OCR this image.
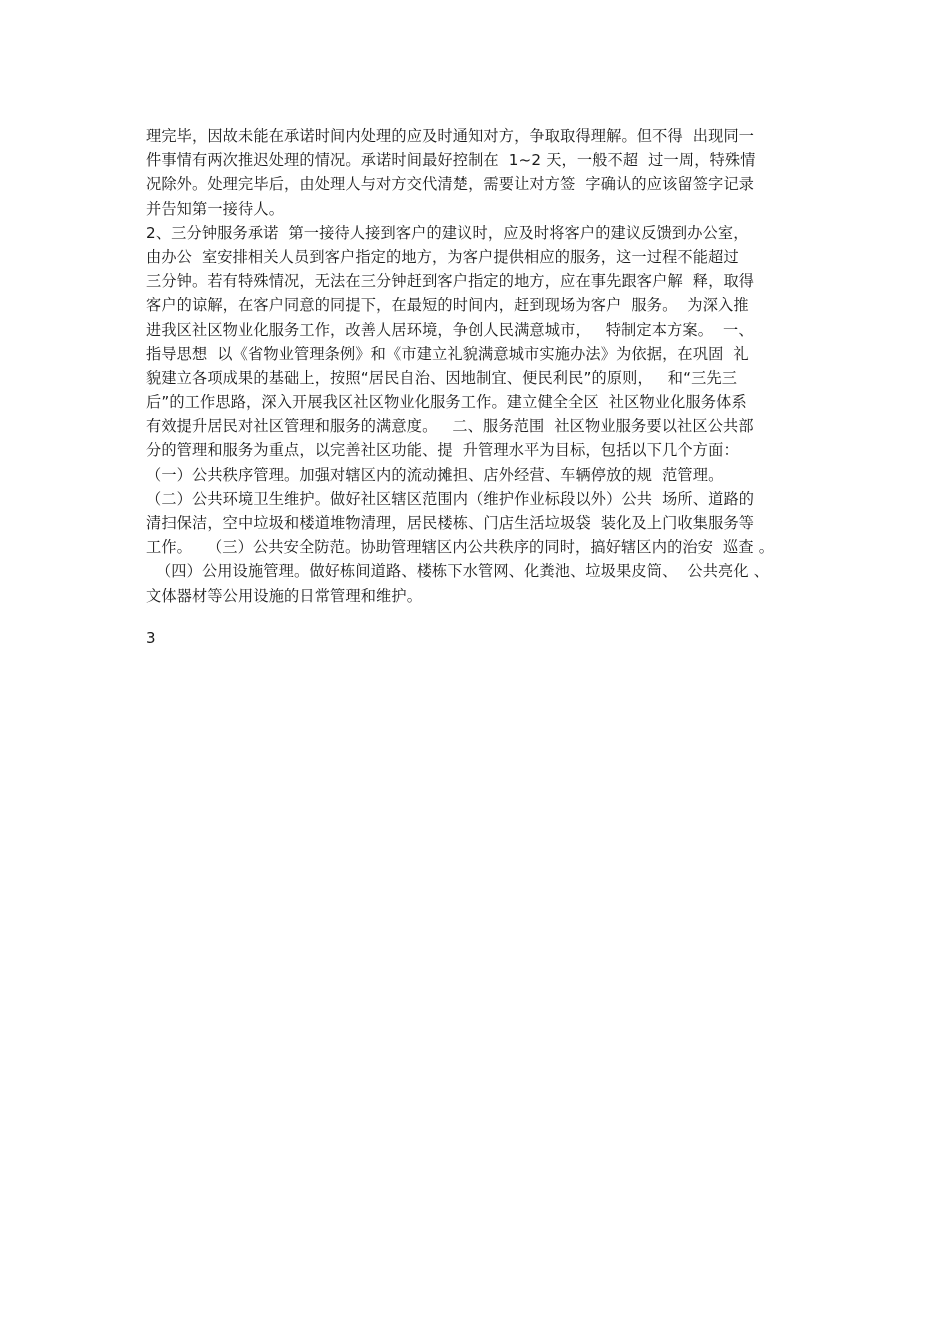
理完毕，因故未能在承诺时间内处理的应及时通知对方，争取取得理解。但不得  出现同一
件事情有两次推迟处理的情况。承诺时间最好控制在  1~2 天，一般不超  过一周，特殊情
况除外。处理完毕后，由处理人与对方交代清楚，需要让对方签  字确认的应该留签字记录
并告知第一接待人。
2、三分钟服务承诺  第一接待人接到客户的建议时，应及时将客户的建议反馈到办公室，
由办公  室安排相关人员到客户指定的地方，为客户提供相应的服务，这一过程不能超过
三分钟。若有特殊情况，无法在三分钟赶到客户指定的地方，应在事先跟客户解  释，取得
客户的谅解，在客户同意的同提下，在最短的时间内，赶到现场为客户  服务。  为深入推
进我区社区物业化服务工作，改善人居环境，争创人民满意城市，   特制定本方案。  一、
指导思想  以《省物业管理条例》和《市建立礼貌满意城市实施办法》为依据，在巩固  礼
貌建立各项成果的基础上，按照“居民自治、因地制宜、便民利民”的原则，   和“三先三
后”的工作思路，深入开展我区社区物业化服务工作。建立健全全区  社区物业化服务体系
有效提升居民对社区管理和服务的满意度。   二、服务范围  社区物业服务要以社区公共部
分的管理和服务为重点，以完善社区功能、提  升管理水平为目标，包括以下几个方面：
（一）公共秩序管理。加强对辖区内的流动摊担、店外经营、车辆停放的规  范管理。
（二）公共环境卫生维护。做好社区辖区范围内（维护作业标段以外）公共  场所、道路的
清扫保洁，空中垃圾和楼道堆物清理，居民楼栋、门店生活垃圾袋  装化及上门收集服务等
工作。   （三）公共安全防范。协助管理辖区内公共秩序的同时，搞好辖区内的治安  巡查 。
（四）公用设施管理。做好栋间道路、楼栋下水管网、化粪池、垃圾果皮筒、  公共亮化 、
文体器材等公用设施的日常管理和维护。
3
